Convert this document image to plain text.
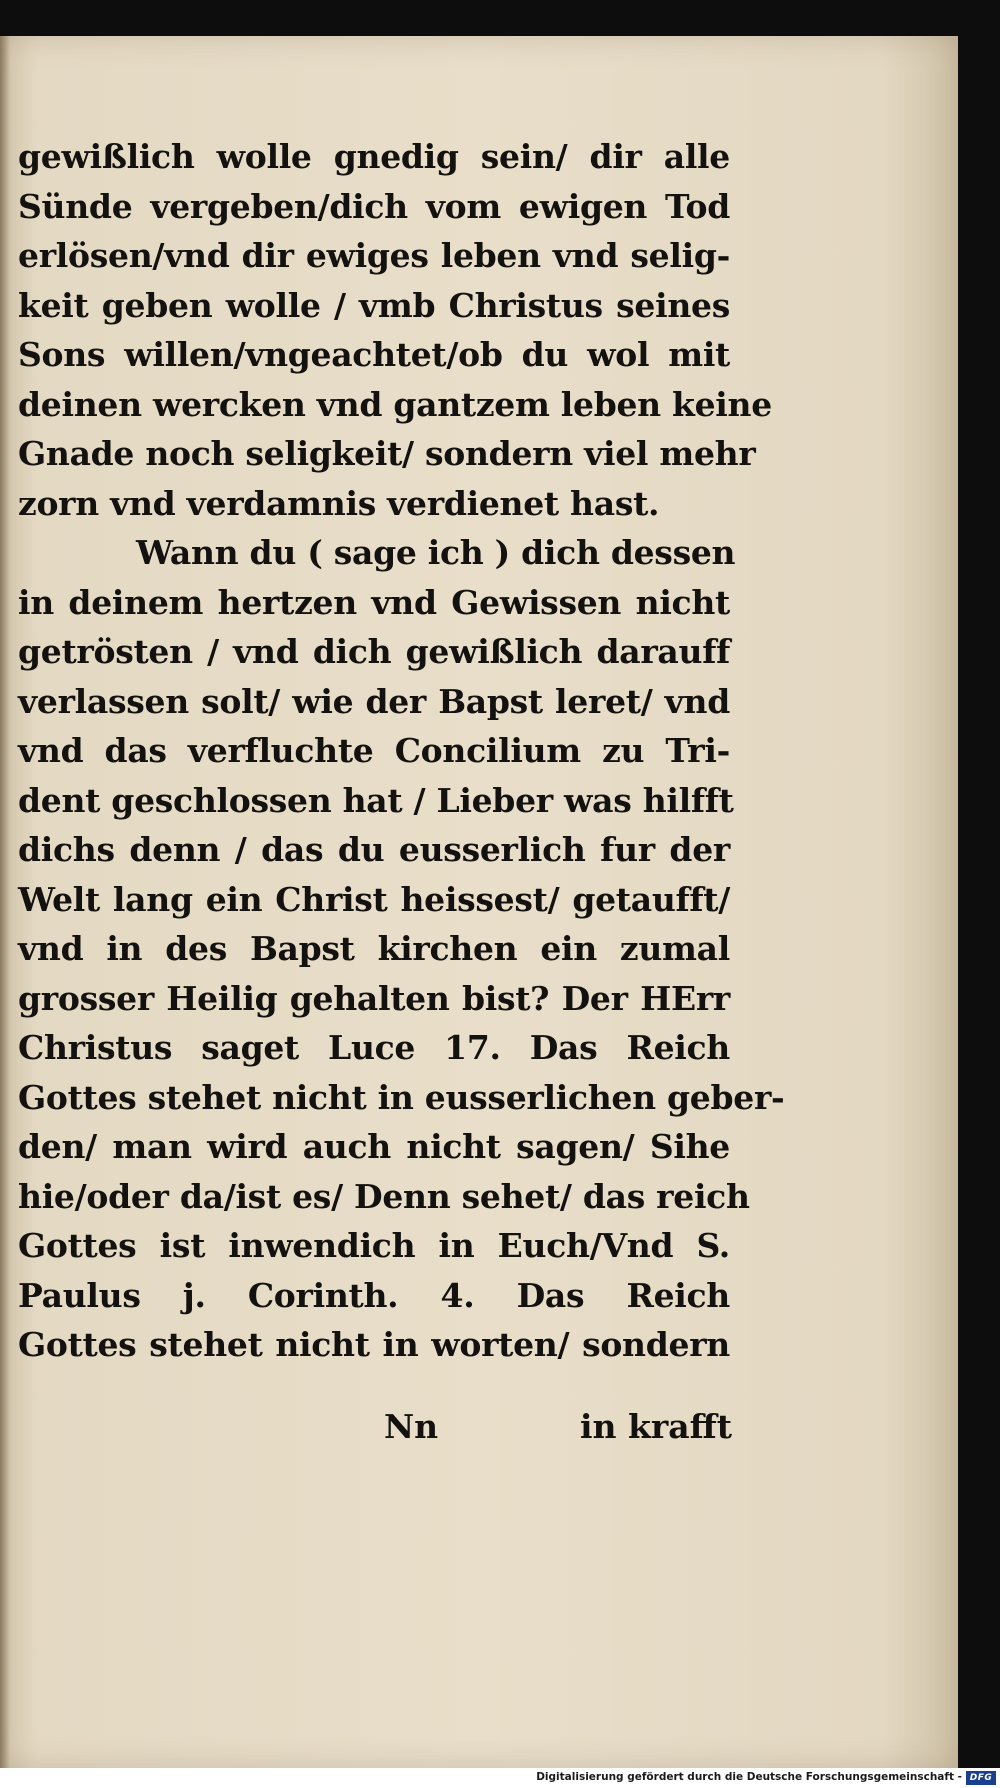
gewißlich wolle gnedig sein/ dir alle
Sünde vergeben/dich vom ewigen Tod
erlösen/vnd dir ewiges leben vnd selig-
keit geben wolle / vmb Christus seines
Sons willen/vngeachtet/ob du wol mit
deinen wercken vnd gantzem leben keine
Gnade noch seligkeit/ sondern viel mehr
zorn vnd verdamnis verdienet hast.
Wann du ( sage ich ) dich dessen
in deinem hertzen vnd Gewissen nicht
getrösten / vnd dich gewißlich darauff
verlassen solt/ wie der Bapst leret/ vnd
vnd das verfluchte Concilium zu Tri-
dent geschlossen hat / Lieber was hilfft
dichs denn / das du eusserlich fur der
Welt lang ein Christ heissest/ getaufft/
vnd in des Bapst kirchen ein zumal
grosser Heilig gehalten bist? Der HErr
Christus saget Luce 17. Das Reich
Gottes stehet nicht in eusserlichen geber-
den/ man wird auch nicht sagen/ Sihe
hie/oder da/ist es/ Denn sehet/ das reich
Gottes ist inwendich in Euch/Vnd S.
Paulus j. Corinth. 4. Das Reich
Gottes stehet nicht in worten/ sondern
Nn	in krafft
Digitalisierung gefördert durch die Deutsche Forschungsgemeinschaft - DFG
